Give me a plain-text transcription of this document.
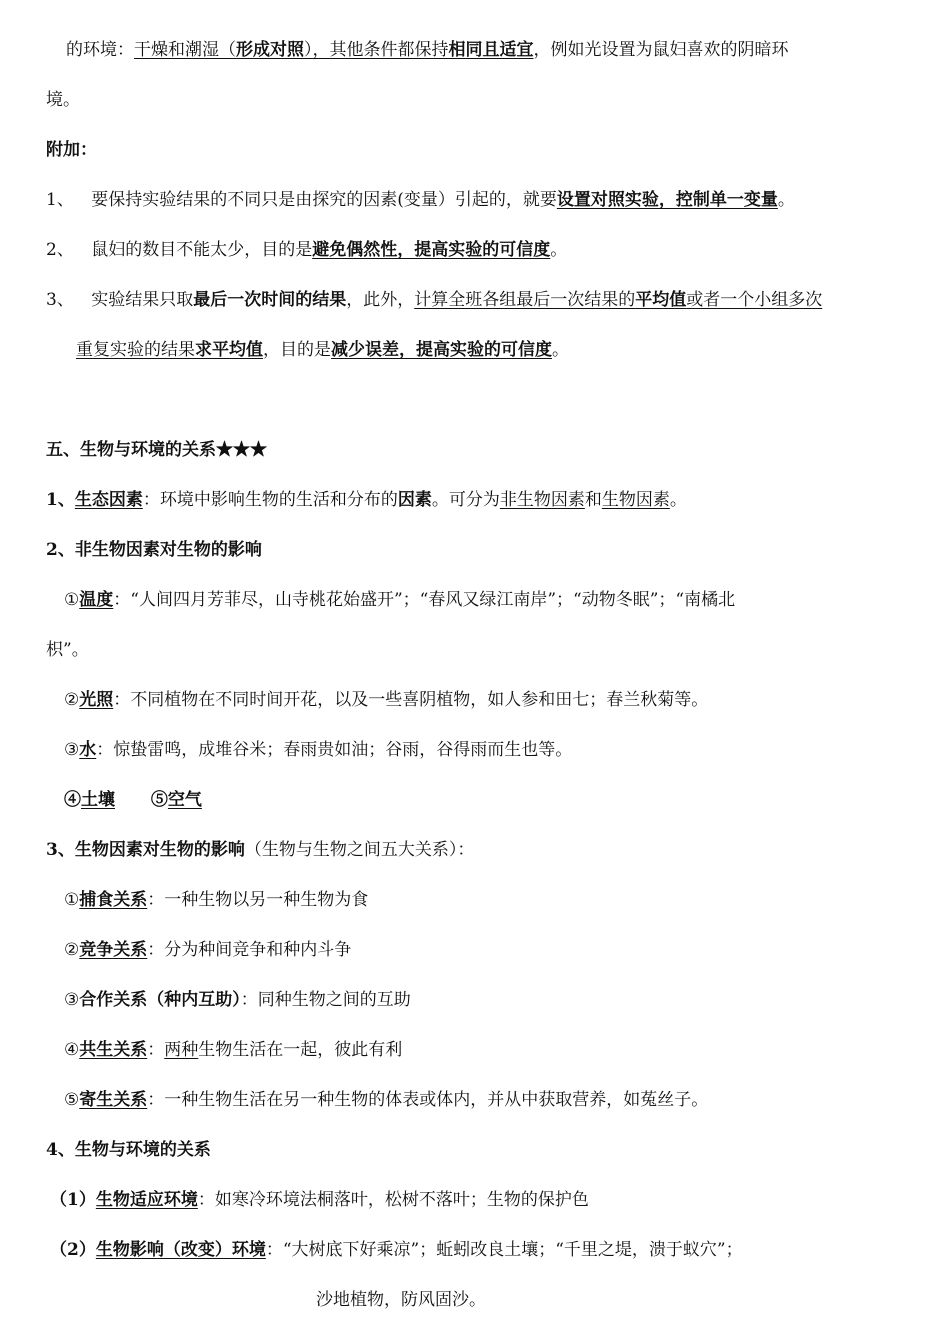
的环境：干燥和潮湿（形成对照），其他条件都保持相同且适宜，例如光设置为鼠妇喜欢的阴暗环
境。
附加：
1、 要保持实验结果的不同只是由探究的因素(变量）引起的，就要设置对照实验，控制单一变量。
2、 鼠妇的数目不能太少，目的是避免偶然性，提高实验的可信度。
3、 实验结果只取最后一次时间的结果，此外，计算全班各组最后一次结果的平均值或者一个小组多次
重复实验的结果求平均值，目的是减少误差，提高实验的可信度。
五、生物与环境的关系★★★
1、生态因素：环境中影响生物的生活和分布的因素。可分为非生物因素和生物因素。
2、非生物因素对生物的影响
①温度：“人间四月芳菲尽，山寺桃花始盛开”；“春风又绿江南岸”；“动物冬眠”；“南橘北
枳”。
②光照：不同植物在不同时间开花，以及一些喜阴植物，如人参和田七；春兰秋菊等。
③水：惊蛰雷鸣，成堆谷米；春雨贵如油；谷雨，谷得雨而生也等。
④土壤 ⑤空气
3、生物因素对生物的影响（生物与生物之间五大关系）：
①捕食关系：一种生物以另一种生物为食
②竞争关系：分为种间竞争和种内斗争
③合作关系（种内互助）：同种生物之间的互助
④共生关系：两种生物生活在一起，彼此有利
⑤寄生关系：一种生物生活在另一种生物的体表或体内，并从中获取营养，如菟丝子。
4、生物与环境的关系
（1）生物适应环境：如寒冷环境法桐落叶，松树不落叶；生物的保护色
（2）生物影响（改变）环境：“大树底下好乘凉”；蚯蚓改良土壤；“千里之堤，溃于蚁穴”；
沙地植物，防风固沙。
